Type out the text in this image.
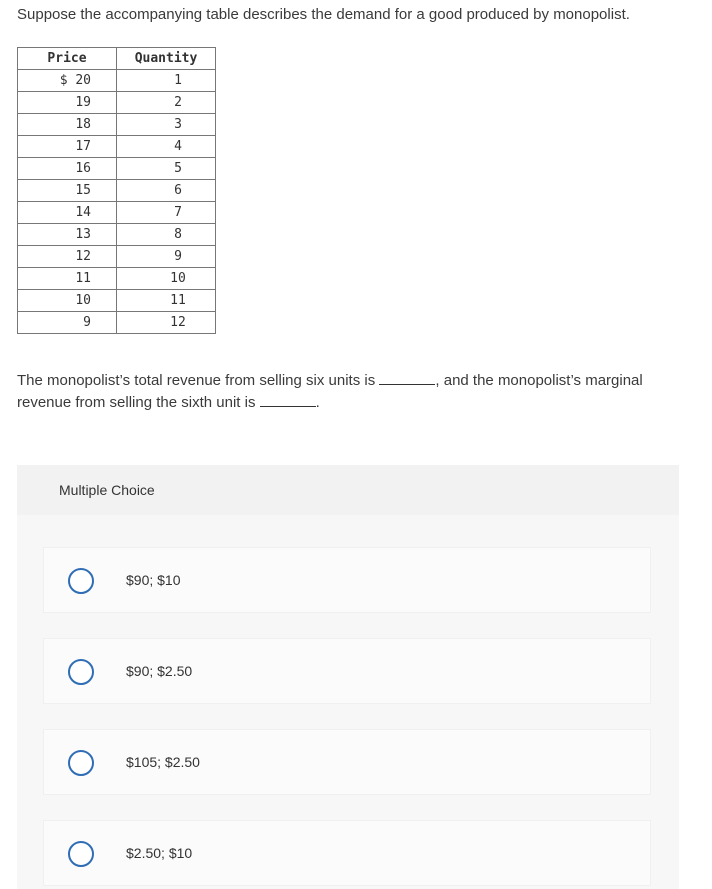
Suppose the accompanying table describes the demand for a good produced by monopolist.
Price	Quantity
$ 20	1
19	2
18	3
17	4
16	5
15	6
14	7
13	8
12	9
11	10
10	11
9	12
The monopolist’s total revenue from selling six units is	, and the monopolist’s marginal revenue from selling the sixth unit is	.
Multiple Choice
$90; $10
$90; $2.50
$105; $2.50
$2.50; $10
